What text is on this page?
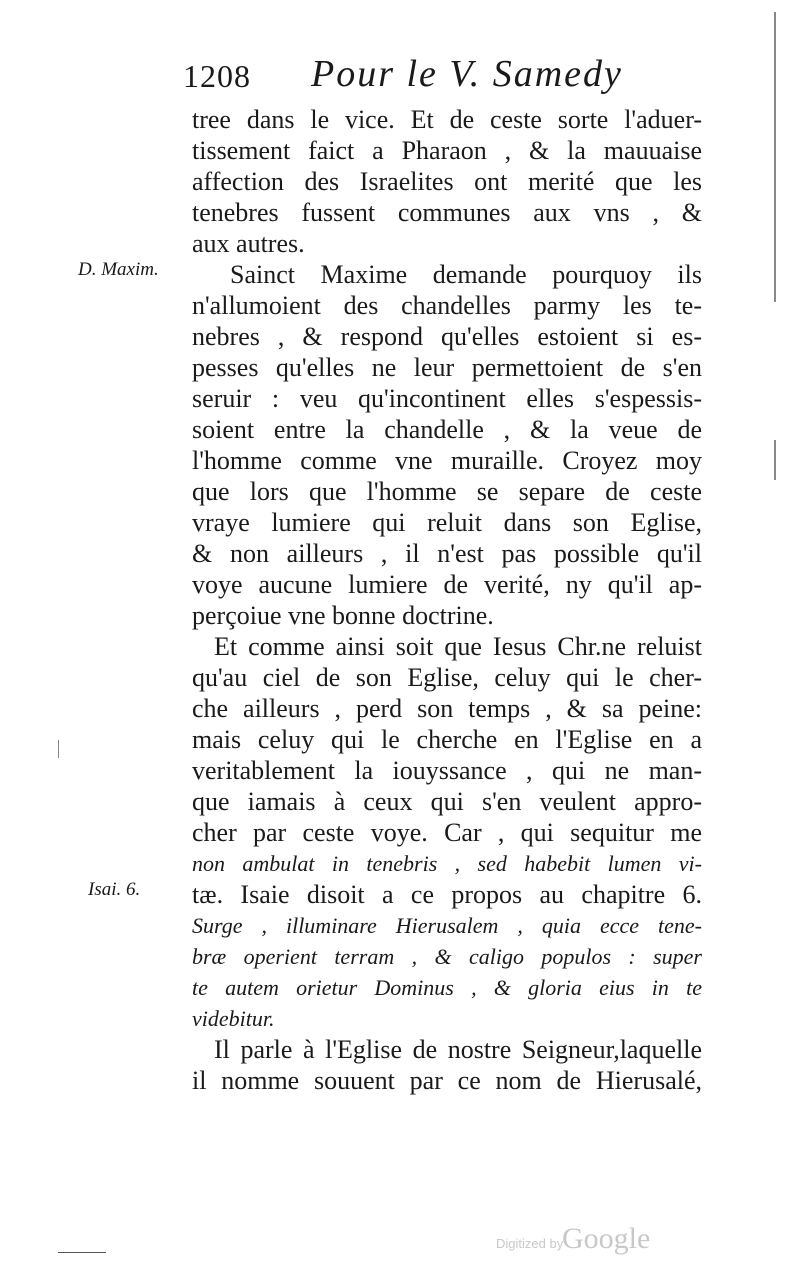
1208 Pour le V. Samedy
D. Maxim.
Isai. 6.
tree dans le vice. Et de ceste sorte l'aduer-
tissement faict a Pharaon , & la mauuaise
affection des Israelites ont merité que les
tenebres fussent communes aux vns , &
aux autres.
Sainct Maxime demande pourquoy ils
n'allumoient des chandelles parmy les te-
nebres , & respond qu'elles estoient si es-
pesses qu'elles ne leur permettoient de s'en
seruir : veu qu'incontinent elles s'espessis-
soient entre la chandelle , & la veue de
l'homme comme vne muraille. Croyez moy
que lors que l'homme se separe de ceste
vraye lumiere qui reluit dans son Eglise,
& non ailleurs , il n'est pas possible qu'il
voye aucune lumiere de verité, ny qu'il ap-
perçoiue vne bonne doctrine.
Et comme ainsi soit que Iesus Chr.ne reluist
qu'au ciel de son Eglise, celuy qui le cher-
che ailleurs , perd son temps , & sa peine:
mais celuy qui le cherche en l'Eglise en a
veritablement la iouyssance , qui ne man-
que iamais à ceux qui s'en veulent appro-
cher par ceste voye. Car , qui sequitur me
non ambulat in tenebris , sed habebit lumen vi-
tæ. Isaie disoit a ce propos au chapitre 6.
Surge , illuminare Hierusalem , quia ecce tene-
bræ operient terram , & caligo populos : super
te autem orietur Dominus , & gloria eius in te
videbitur.
Il parle à l'Eglise de nostre Seigneur,laquelle
il nomme souuent par ce nom de Hierusalé,
Digitized by
Google
